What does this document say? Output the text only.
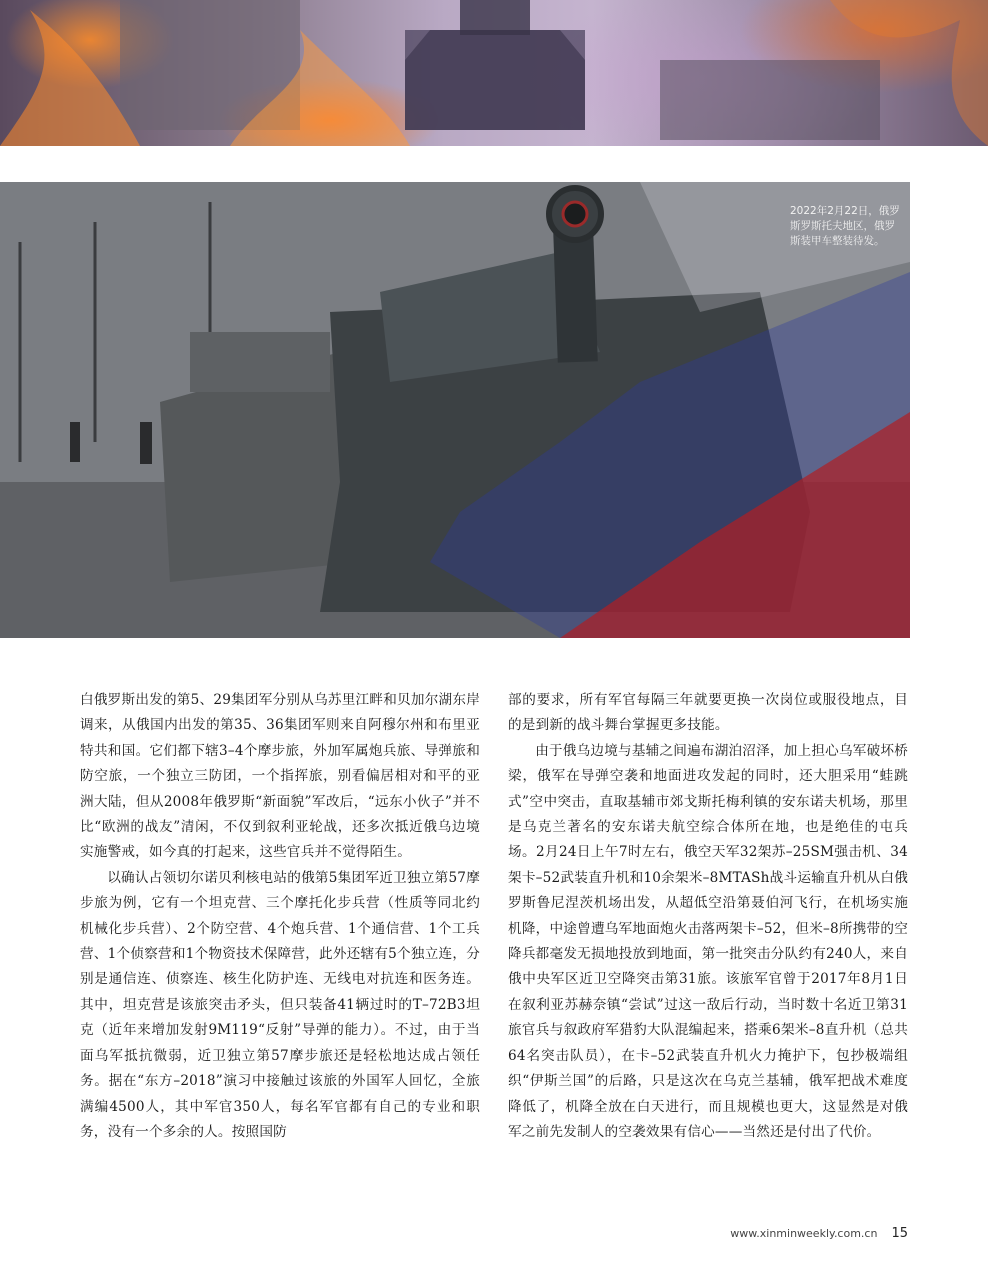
2022年2月22日，俄罗斯罗斯托夫地区，俄罗斯装甲车整装待发。

白俄罗斯出发的第5、29集团军分别从乌苏里江畔和贝加尔湖东岸调来，从俄国内出发的第35、36集团军则来自阿穆尔州和布里亚特共和国。它们都下辖3–4个摩步旅，外加军属炮兵旅、导弹旅和防空旅，一个独立三防团，一个指挥旅，别看偏居相对和平的亚洲大陆，但从2008年俄罗斯“新面貌”军改后，“远东小伙子”并不比“欧洲的战友”清闲，不仅到叙利亚轮战，还多次抵近俄乌边境实施警戒，如今真的打起来，这些官兵并不觉得陌生。

以确认占领切尔诺贝利核电站的俄第5集团军近卫独立第57摩步旅为例，它有一个坦克营、三个摩托化步兵营（性质等同北约机械化步兵营）、2个防空营、4个炮兵营、1个通信营、1个工兵营、1个侦察营和1个物资技术保障营，此外还辖有5个独立连，分别是通信连、侦察连、核生化防护连、无线电对抗连和医务连。其中，坦克营是该旅突击矛头，但只装备41辆过时的T–72B3坦克（近年来增加发射9M119“反射”导弹的能力）。不过，由于当面乌军抵抗微弱，近卫独立第57摩步旅还是轻松地达成占领任务。据在“东方–2018”演习中接触过该旅的外国军人回忆，全旅满编4500人，其中军官350人，每名军官都有自己的专业和职务，没有一个多余的人。按照国防

部的要求，所有军官每隔三年就要更换一次岗位或服役地点，目的是到新的战斗舞台掌握更多技能。

由于俄乌边境与基辅之间遍布湖泊沼泽，加上担心乌军破坏桥梁，俄军在导弹空袭和地面进攻发起的同时，还大胆采用“蛙跳式”空中突击，直取基辅市郊戈斯托梅利镇的安东诺夫机场，那里是乌克兰著名的安东诺夫航空综合体所在地，也是绝佳的屯兵场。2月24日上午7时左右，俄空天军32架苏–25SM强击机、34架卡–52武装直升机和10余架米–8MTASh战斗运输直升机从白俄罗斯鲁尼涅茨机场出发，从超低空沿第聂伯河飞行，在机场实施机降，中途曾遭乌军地面炮火击落两架卡–52，但米–8所携带的空降兵都毫发无损地投放到地面，第一批突击分队约有240人，来自俄中央军区近卫空降突击第31旅。该旅军官曾于2017年8月1日在叙利亚苏赫奈镇“尝试”过这一敌后行动，当时数十名近卫第31旅官兵与叙政府军猎豹大队混编起来，搭乘6架米–8直升机（总共64名突击队员），在卡–52武装直升机火力掩护下，包抄极端组织“伊斯兰国”的后路，只是这次在乌克兰基辅，俄军把战术难度降低了，机降全放在白天进行，而且规模也更大，这显然是对俄军之前先发制人的空袭效果有信心——当然还是付出了代价。

www.xinminweekly.com.cn 15
